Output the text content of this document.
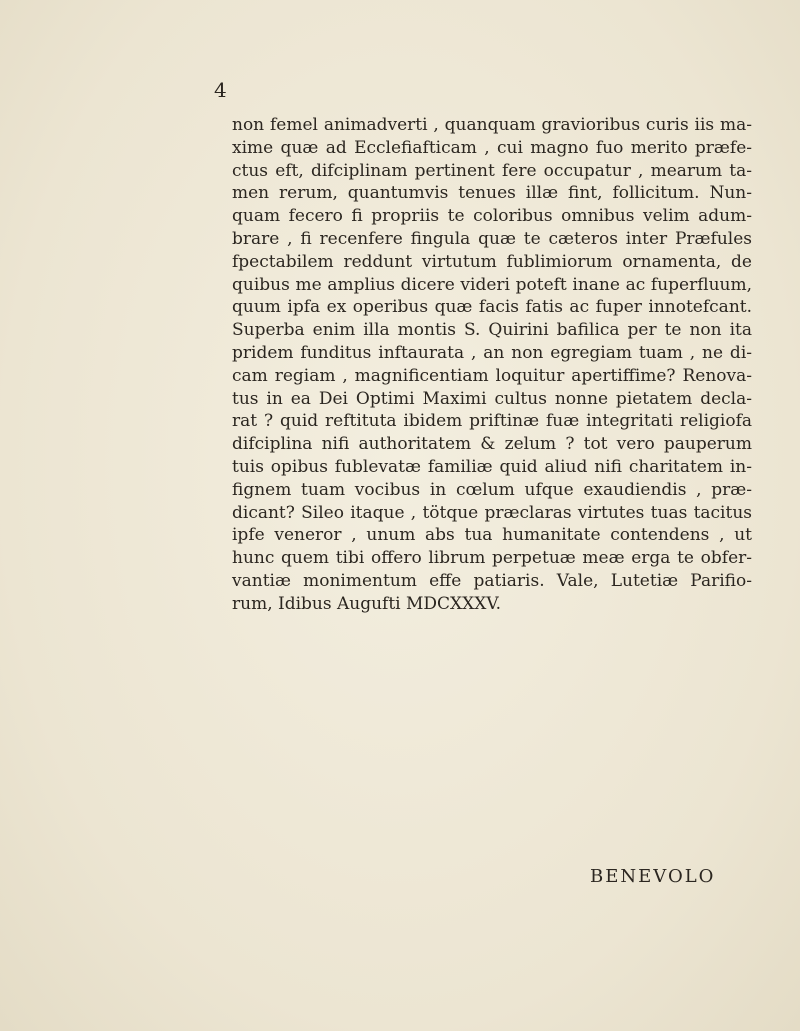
4
non femel animadverti , quanquam gravioribus curis iis ma-
xime quæ ad Ecclefiafticam , cui magno fuo merito præfe-
ctus eft, difciplinam pertinent fere occupatur , mearum ta-
men rerum, quantumvis tenues illæ fint, follicitum. Nun-
quam fecero fi propriis te coloribus omnibus velim adum-
brare , fi recenfere fingula quæ te cæteros inter Præfules
fpectabilem reddunt virtutum fublimiorum ornamenta, de
quibus me amplius dicere videri poteft inane ac fuperfluum,
quum ipfa ex operibus quæ facis fatis ac fuper innotefcant.
Superba enim illa montis S. Quirini bafilica per te non ita
pridem funditus inftaurata , an non egregiam tuam , ne di-
cam regiam , magnificentiam loquitur apertiffime? Renova-
tus in ea Dei Optimi Maximi cultus nonne pietatem decla-
rat ? quid reftituta ibidem priftinæ fuæ integritati religiofa
difciplina nifi authoritatem & zelum ? tot vero pauperum
tuis opibus fublevatæ familiæ quid aliud nifi charitatem in-
fignem tuam vocibus in cœlum ufque exaudiendis , præ-
dicant? Sileo itaque , tötque præclaras virtutes tuas tacitus
ipfe veneror , unum abs tua humanitate contendens , ut
hunc quem tibi offero librum perpetuæ meæ erga te obfer-
vantiæ monimentum effe patiaris. Vale, Lutetiæ Parifio-
rum, Idibus Augufti MDCXXXV.
BENEVOLO
